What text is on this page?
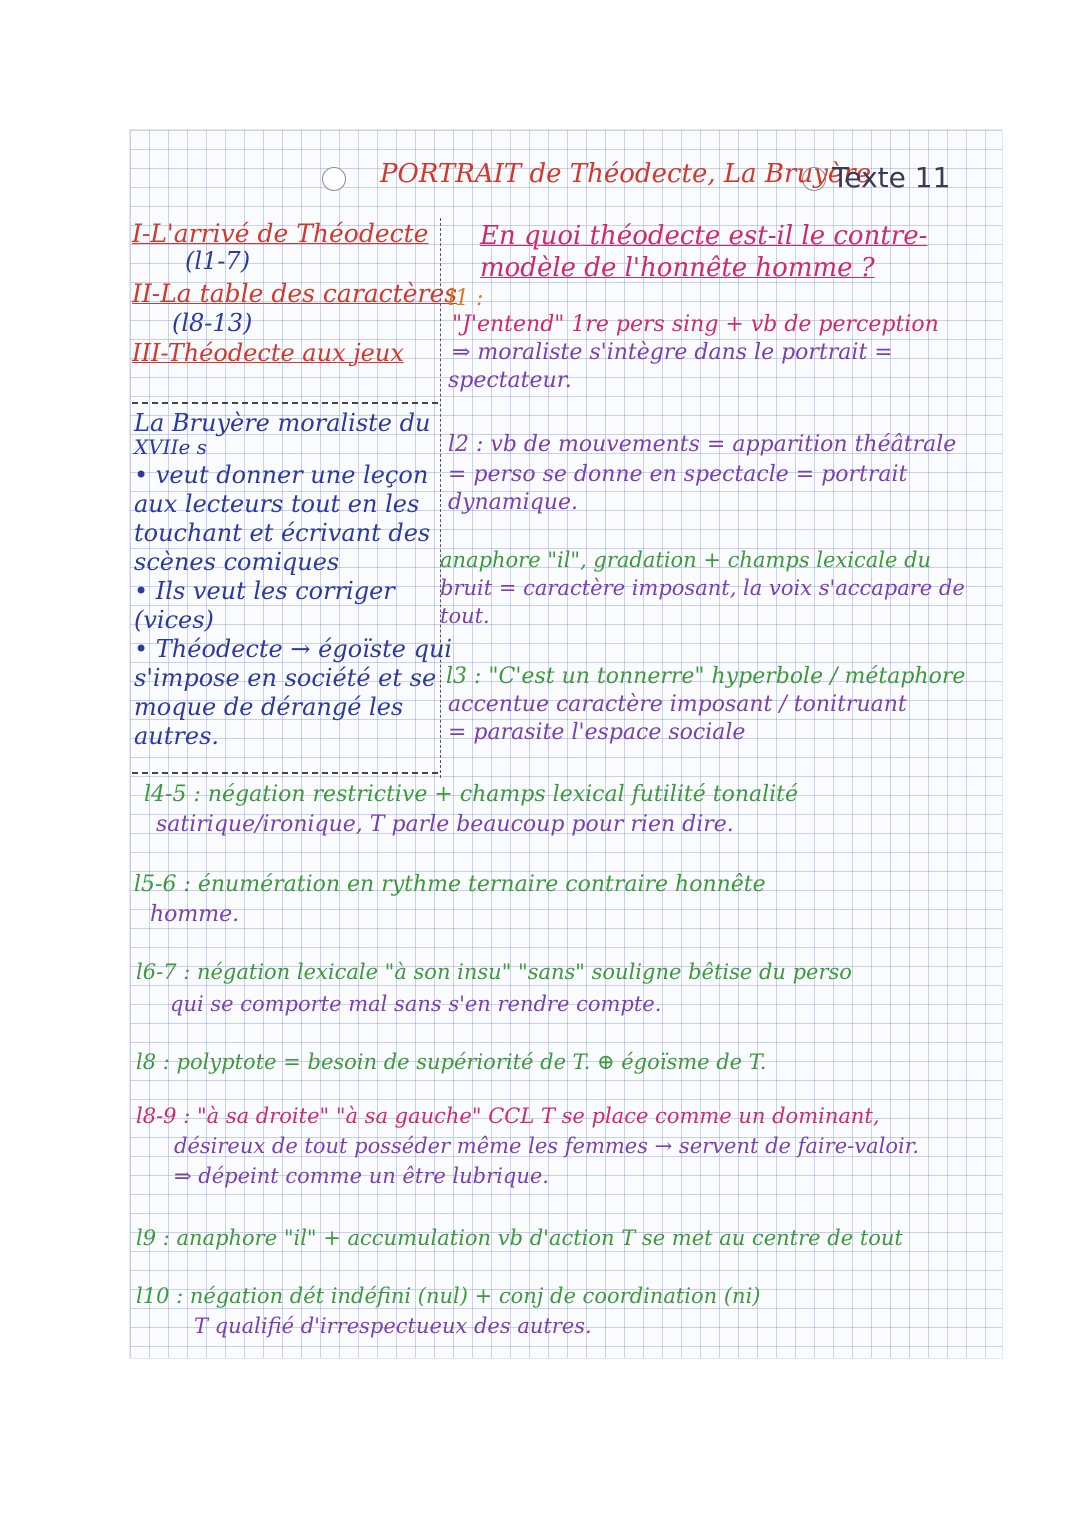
PORTRAIT de Théodecte, La Bruyère
Texte 11
I-L'arrivé de Théodecte
(l1-7)
II-La table des caractères
(l8-13)
III-Théodecte aux jeux
En quoi théodecte est-il le contre-
modèle de l'honnête homme ?
La Bruyère moraliste du
XVIIe s
• veut donner une leçon
aux lecteurs tout en les
touchant et écrivant des
scènes comiques
• Ils veut les corriger
(vices)
• Théodecte → égoïste qui
s'impose en société et se
moque de dérangé les
autres.
l1 :
"J'entend" 1re pers sing + vb de perception
⇒ moraliste s'intègre dans le portrait =
spectateur.
l2 : vb de mouvements = apparition théâtrale
= perso se donne en spectacle = portrait
dynamique.
anaphore "il", gradation + champs lexicale du
bruit = caractère imposant, la voix s'accapare de
tout.
l3 : "C'est un tonnerre" hyperbole / métaphore
accentue caractère imposant / tonitruant
= parasite l'espace sociale
l4-5 : négation restrictive + champs lexical futilité tonalité
satirique/ironique, T parle beaucoup pour rien dire.
l5-6 : énumération en rythme ternaire contraire honnête
homme.
l6-7 : négation lexicale "à son insu" "sans" souligne bêtise du perso
qui se comporte mal sans s'en rendre compte.
l8 : polyptote = besoin de supériorité de T. ⊕ égoïsme de T.
l8-9 : "à sa droite" "à sa gauche" CCL T se place comme un dominant,
désireux de tout posséder même les femmes → servent de faire-valoir.
⇒ dépeint comme un être lubrique.
l9 : anaphore "il" + accumulation vb d'action T se met au centre de tout
l10 : négation dét indéfini (nul) + conj de coordination (ni)
T qualifié d'irrespectueux des autres.
